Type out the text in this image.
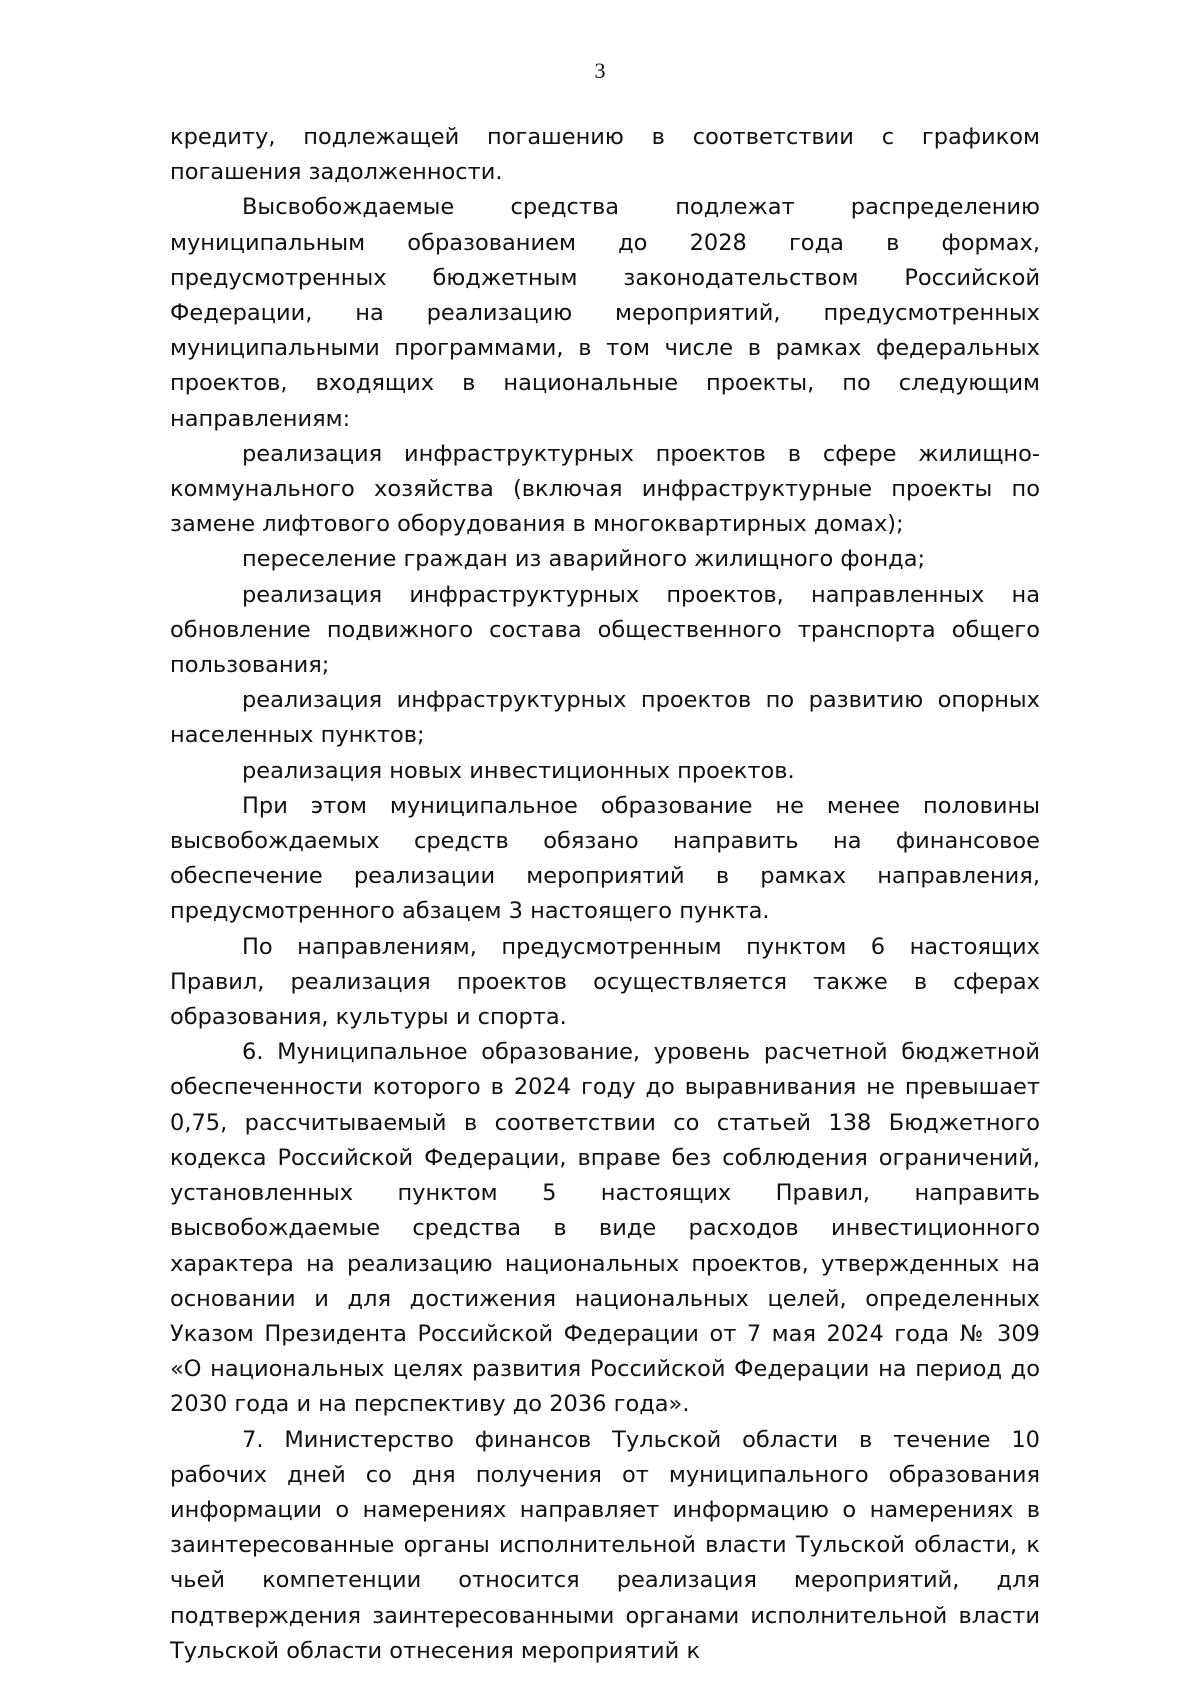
3

кредиту, подлежащей погашению в соответствии с графиком погашения задолженности.

Высвобождаемые средства подлежат распределению муниципальным образованием до 2028 года в формах, предусмотренных бюджетным законодательством Российской Федерации, на реализацию мероприятий, предусмотренных муниципальными программами, в том числе в рамках федеральных проектов, входящих в национальные проекты, по следующим направлениям:

реализация инфраструктурных проектов в сфере жилищно-коммунального хозяйства (включая инфраструктурные проекты по замене лифтового оборудования в многоквартирных домах);

переселение граждан из аварийного жилищного фонда;

реализация инфраструктурных проектов, направленных на обновление подвижного состава общественного транспорта общего пользования;

реализация инфраструктурных проектов по развитию опорных населенных пунктов;

реализация новых инвестиционных проектов.

При этом муниципальное образование не менее половины высвобождаемых средств обязано направить на финансовое обеспечение реализации мероприятий в рамках направления, предусмотренного абзацем 3 настоящего пункта.

По направлениям, предусмотренным пунктом 6 настоящих Правил, реализация проектов осуществляется также в сферах образования, культуры и спорта.

6. Муниципальное образование, уровень расчетной бюджетной обеспеченности которого в 2024 году до выравнивания не превышает 0,75, рассчитываемый в соответствии со статьей 138 Бюджетного кодекса Российской Федерации, вправе без соблюдения ограничений, установленных пунктом 5 настоящих Правил, направить высвобождаемые средства в виде расходов инвестиционного характера на реализацию национальных проектов, утвержденных на основании и для достижения национальных целей, определенных Указом Президента Российской Федерации от 7 мая 2024 года № 309 «О национальных целях развития Российской Федерации на период до 2030 года и на перспективу до 2036 года».

7. Министерство финансов Тульской области в течение 10 рабочих дней со дня получения от муниципального образования информации о намерениях направляет информацию о намерениях в заинтересованные органы исполнительной власти Тульской области, к чьей компетенции относится реализация мероприятий, для подтверждения заинтересованными органами исполнительной власти Тульской области отнесения мероприятий к
